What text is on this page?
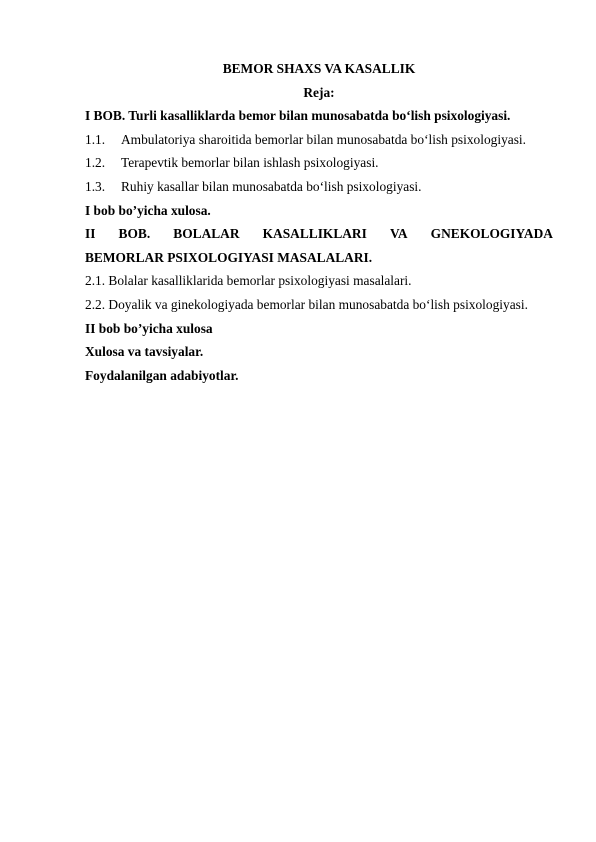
BEMOR SHAXS VA KASALLIK
Reja:
I BOB. Turli kasalliklarda bemor bilan munosabatda bo‘lish psixologiyasi.
1.1.	Ambulatoriya sharoitida bemorlar bilan munosabatda bo‘lish psixologiyasi.
1.2.	Terapevtik bemorlar bilan ishlash psixologiyasi.
1.3.	Ruhiy kasallar bilan munosabatda bo‘lish psixologiyasi.
I bob bo’yicha xulosa.
II BOB. BOLALAR KASALLIKLARI VA GNEKOLOGIYADA
BEMORLAR PSIXOLOGIYASI MASALALARI.
2.1. Bolalar kasalliklarida bemorlar psixologiyasi masalalari.
2.2. Doyalik va ginekologiyada bemorlar bilan munosabatda bo‘lish psixologiyasi.
II bob bo’yicha xulosa
Xulosa va tavsiyalar.
Foydalanilgan adabiyotlar.
